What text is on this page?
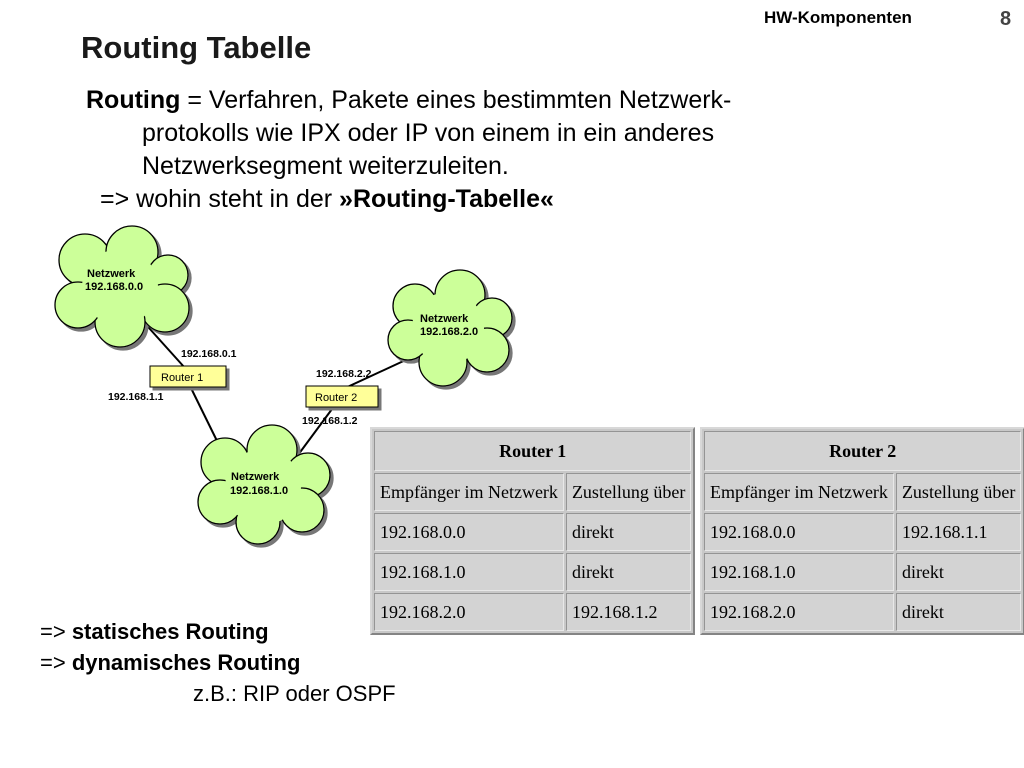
HW-Komponenten	8
Routing Tabelle
Routing = Verfahren, Pakete eines bestimmten Netzwerk-
protokolls wie IPX oder IP von einem in ein anderes
Netzwerksegment weiterzuleiten.
=> wohin steht in der »Routing-Tabelle«
Netzwerk
192.168.0.0
Netzwerk
192.168.2.0
Netzwerk
192.168.1.0
Router 1
192.168.0.1
192.168.1.1	Router 2
192.168.2.2
192.168.1.2
Router 1	
Empfänger im Netzwerk	Zustellung über
192.168.0.0	direkt
192.168.1.0	direkt
192.168.2.0	192.168.1.2
Router 2	
Empfänger im Netzwerk	Zustellung über
192.168.0.0	192.168.1.1
192.168.1.0	direkt
192.168.2.0	direkt
=> statisches Routing
=> dynamisches Routing
z.B.: RIP oder OSPF
